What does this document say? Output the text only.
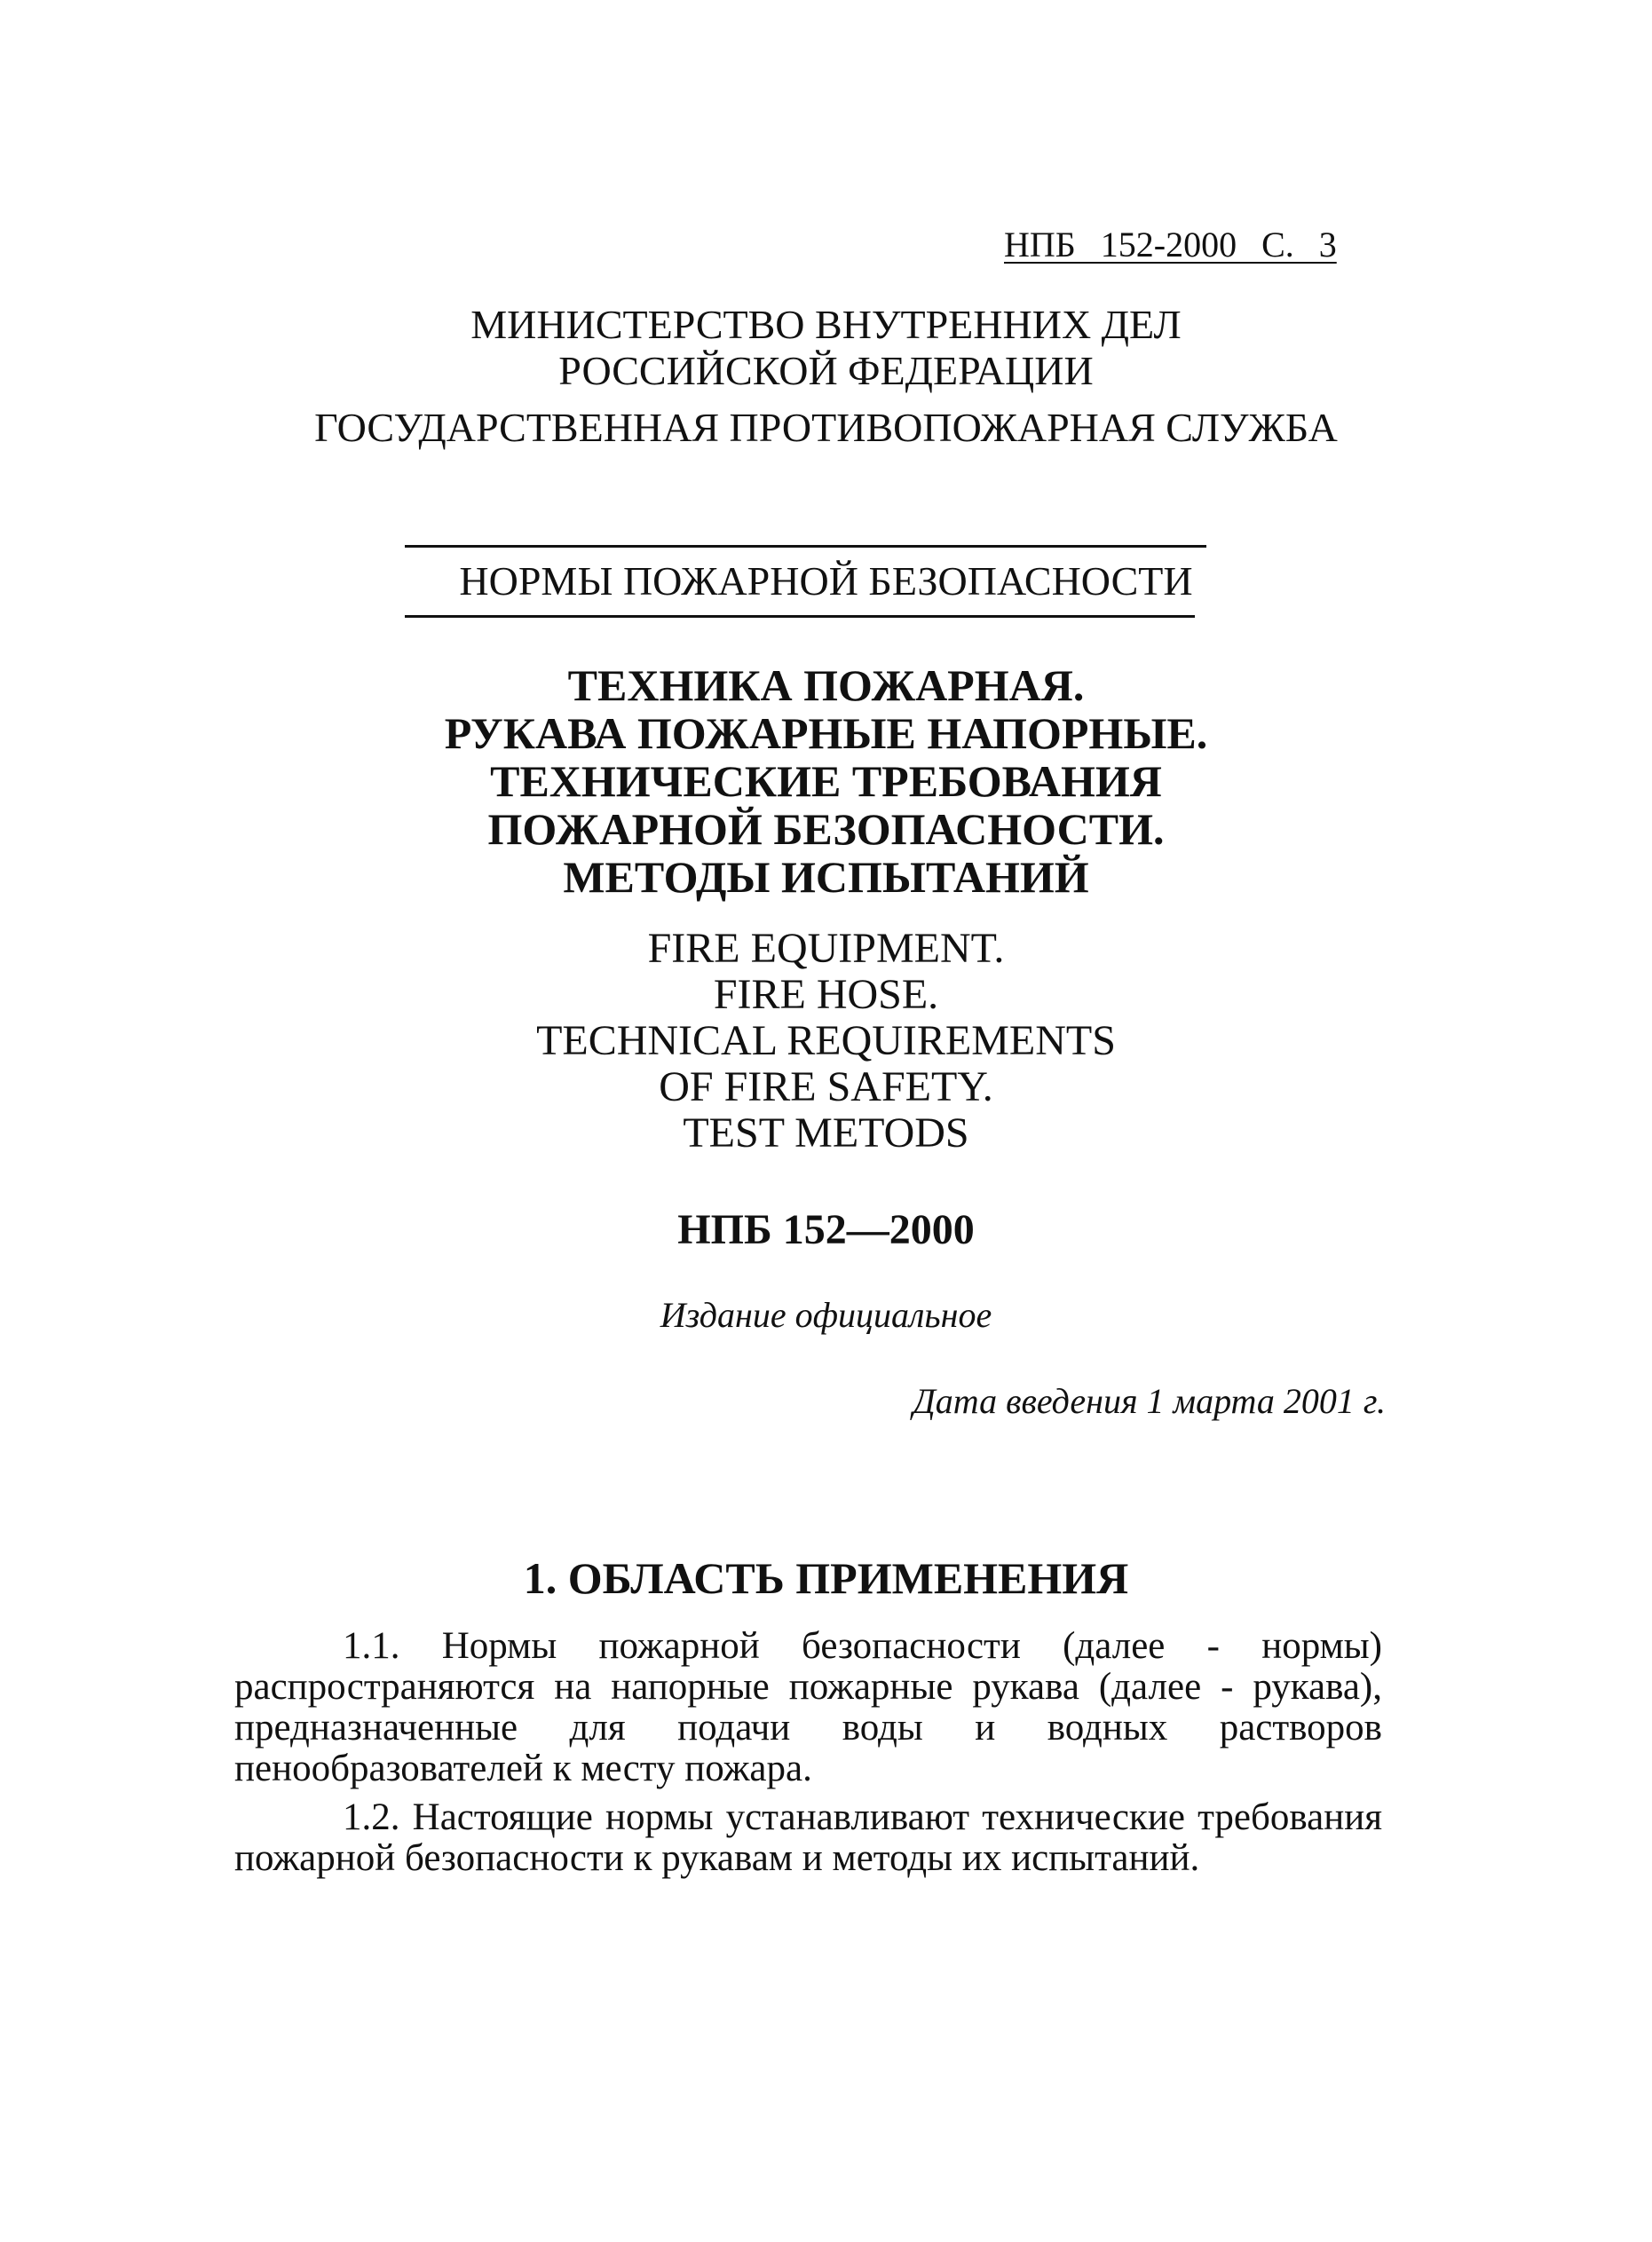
НПБ 152-2000 С. 3
МИНИСТЕРСТВО ВНУТРЕННИХ ДЕЛ
РОССИЙСКОЙ ФЕДЕРАЦИИ
ГОСУДАРСТВЕННАЯ ПРОТИВОПОЖАРНАЯ СЛУЖБА
НОРМЫ ПОЖАРНОЙ БЕЗОПАСНОСТИ
ТЕХНИКА ПОЖАРНАЯ.
РУКАВА ПОЖАРНЫЕ НАПОРНЫЕ.
ТЕХНИЧЕСКИЕ ТРЕБОВАНИЯ
ПОЖАРНОЙ БЕЗОПАСНОСТИ.
МЕТОДЫ ИСПЫТАНИЙ
FIRE EQUIPMENT.
FIRE HOSE.
TECHNICAL REQUIREMENTS
OF FIRE SAFETY.
TEST METODS
НПБ 152—2000
Издание официальное
Дата введения 1 марта 2001 г.
1. ОБЛАСТЬ ПРИМЕНЕНИЯ

1.1. Нормы пожарной безопасности (далее - нормы) распространяются на напорные пожарные рукава (далее - рукава), предназначенные для подачи воды и водных растворов пенообразователей к месту пожара.

1.2. Настоящие нормы устанавливают технические требования пожарной безопасности к рукавам и методы их испытаний.
